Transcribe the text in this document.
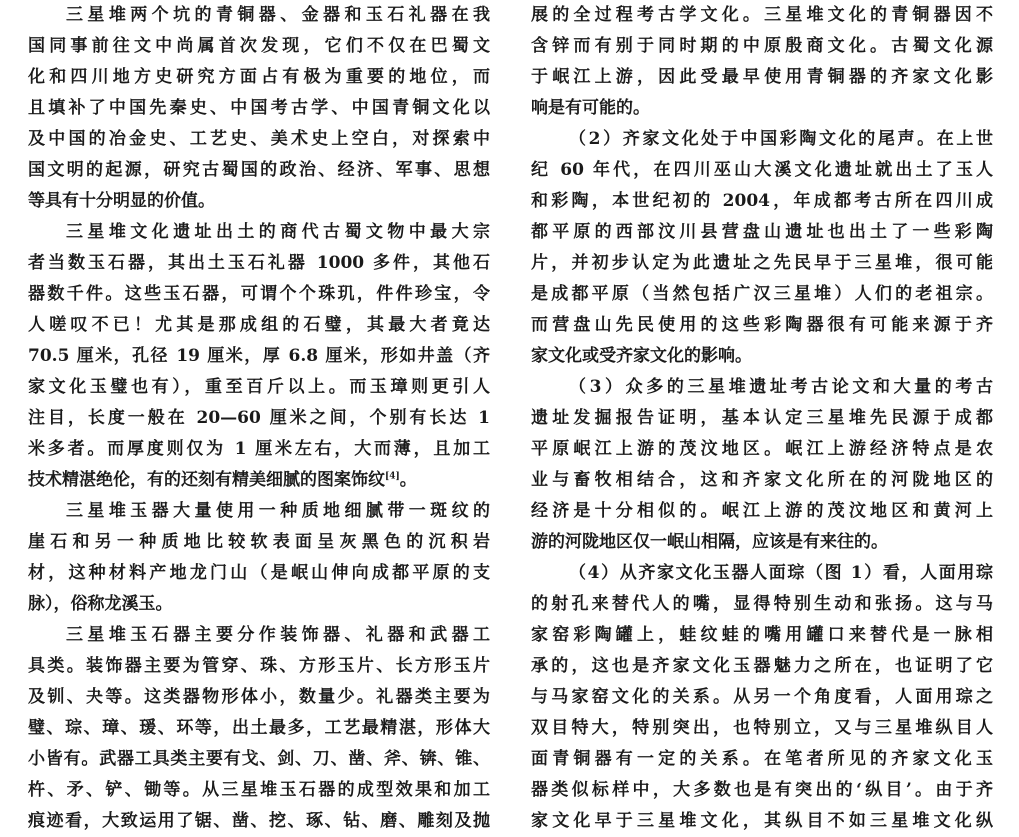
三星堆两个坑的青铜器、金器和玉石礼器在我
国同事前往文中尚属首次发现，它们不仅在巴蜀文
化和四川地方史研究方面占有极为重要的地位，而
且填补了中国先秦史、中国考古学、中国青铜文化以
及中国的冶金史、工艺史、美术史上空白，对探索中
国文明的起源，研究古蜀国的政治、经济、军事、思想
等具有十分明显的价值。
三星堆文化遗址出土的商代古蜀文物中最大宗
者当数玉石器，其出土玉石礼器 1000 多件，其他石
器数千件。这些玉石器，可谓个个珠玑，件件珍宝，令
人嗟叹不已！尤其是那成组的石璧，其最大者竟达
70.5 厘米，孔径 19 厘米，厚 6.8 厘米，形如井盖（齐
家文化玉璧也有），重至百斤以上。而玉璋则更引人
注目，长度一般在 20—60 厘米之间，个别有长达 1
米多者。而厚度则仅为 1 厘米左右，大而薄，且加工
技术精湛绝伦，有的还刻有精美细腻的图案饰纹[4]。
三星堆玉器大量使用一种质地细腻带一斑纹的
崖石和另一种质地比较软表面呈灰黑色的沉积岩
材，这种材料产地龙门山（是岷山伸向成都平原的支
脉），俗称龙溪玉。
三星堆玉石器主要分作装饰器、礼器和武器工
具类。装饰器主要为管穿、珠、方形玉片、长方形玉片
及钏、夬等。这类器物形体小，数量少。礼器类主要为
璧、琮、璋、瑗、环等，出土最多，工艺最精湛，形体大
小皆有。武器工具类主要有戈、剑、刀、凿、斧、锛、锥、
杵、矛、铲、锄等。从三星堆玉石器的成型效果和加工
痕迹看，大致运用了锯、凿、挖、琢、钻、磨、雕刻及抛
展的全过程考古学文化。三星堆文化的青铜器因不
含锌而有别于同时期的中原殷商文化。古蜀文化源
于岷江上游，因此受最早使用青铜器的齐家文化影
响是有可能的。
（2）齐家文化处于中国彩陶文化的尾声。在上世
纪 60 年代，在四川巫山大溪文化遗址就出土了玉人
和彩陶，本世纪初的 2004，年成都考古所在四川成
都平原的西部汶川县营盘山遗址也出土了一些彩陶
片，并初步认定为此遗址之先民早于三星堆，很可能
是成都平原（当然包括广汉三星堆）人们的老祖宗。
而营盘山先民使用的这些彩陶器很有可能来源于齐
家文化或受齐家文化的影响。
（3）众多的三星堆遗址考古论文和大量的考古
遗址发掘报告证明，基本认定三星堆先民源于成都
平原岷江上游的茂汶地区。岷江上游经济特点是农
业与畜牧相结合，这和齐家文化所在的河陇地区的
经济是十分相似的。岷江上游的茂汶地区和黄河上
游的河陇地区仅一岷山相隔，应该是有来往的。
（4）从齐家文化玉器人面琮（图 1）看，人面用琮
的射孔来替代人的嘴，显得特别生动和张扬。这与马
家窑彩陶罐上，蛙纹蛙的嘴用罐口来替代是一脉相
承的，这也是齐家文化玉器魅力之所在，也证明了它
与马家窑文化的关系。从另一个角度看，人面用琮之
双目特大，特别突出，也特别立，又与三星堆纵目人
面青铜器有一定的关系。在笔者所见的齐家文化玉
器类似标样中，大多数也是有突出的‘纵目’。由于齐
家文化早于三星堆文化，其纵目不如三星堆文化纵
